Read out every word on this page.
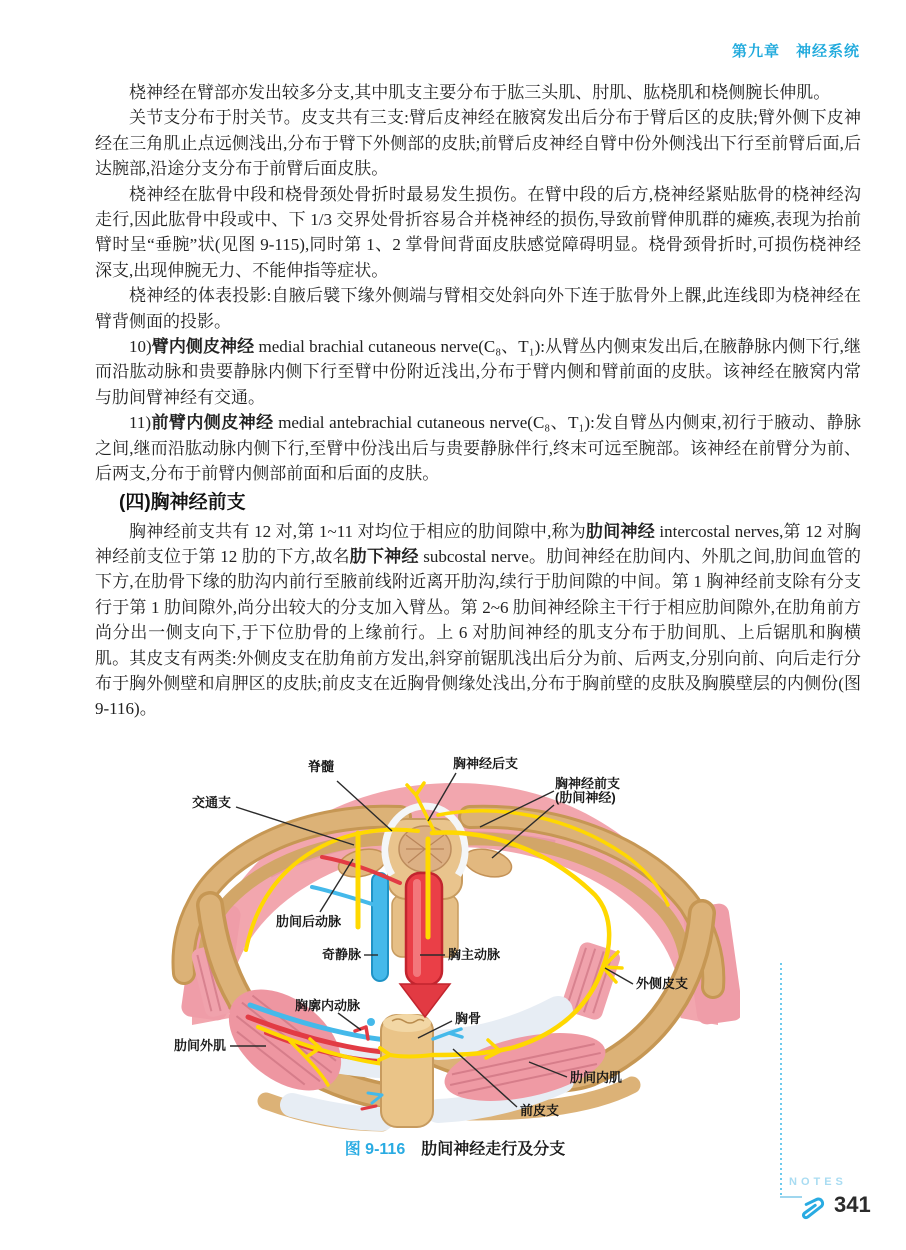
第九章　神经系统

桡神经在臂部亦发出较多分支,其中肌支主要分布于肱三头肌、肘肌、肱桡肌和桡侧腕长伸肌。

关节支分布于肘关节。皮支共有三支:臂后皮神经在腋窝发出后分布于臂后区的皮肤;臂外侧下皮神经在三角肌止点远侧浅出,分布于臂下外侧部的皮肤;前臂后皮神经自臂中份外侧浅出下行至前臂后面,后达腕部,沿途分支分布于前臂后面皮肤。

桡神经在肱骨中段和桡骨颈处骨折时最易发生损伤。在臂中段的后方,桡神经紧贴肱骨的桡神经沟走行,因此肱骨中段或中、下 1/3 交界处骨折容易合并桡神经的损伤,导致前臂伸肌群的瘫痪,表现为抬前臂时呈“垂腕”状(见图 9-115),同时第 1、2 掌骨间背面皮肤感觉障碍明显。桡骨颈骨折时,可损伤桡神经深支,出现伸腕无力、不能伸指等症状。

桡神经的体表投影:自腋后襞下缘外侧端与臂相交处斜向外下连于肱骨外上髁,此连线即为桡神经在臂背侧面的投影。

10)臂内侧皮神经 medial brachial cutaneous nerve(C₈、T₁):从臂丛内侧束发出后,在腋静脉内侧下行,继而沿肱动脉和贵要静脉内侧下行至臂中份附近浅出,分布于臂内侧和臂前面的皮肤。该神经在腋窝内常与肋间臂神经有交通。

11)前臂内侧皮神经 medial antebrachial cutaneous nerve(C₈、T₁):发自臂丛内侧束,初行于腋动、静脉之间,继而沿肱动脉内侧下行,至臂中份浅出后与贵要静脉伴行,终末可远至腕部。该神经在前臂分为前、后两支,分布于前臂内侧部前面和后面的皮肤。

(四)胸神经前支

胸神经前支共有 12 对,第 1~11 对均位于相应的肋间隙中,称为肋间神经 intercostal nerves,第 12 对胸神经前支位于第 12 肋的下方,故名肋下神经 subcostal nerve。肋间神经在肋间内、外肌之间,肋间血管的下方,在肋骨下缘的肋沟内前行至腋前线附近离开肋沟,续行于肋间隙的中间。第 1 胸神经前支除有分支行于第 1 肋间隙外,尚分出较大的分支加入臂丛。第 2~6 肋间神经除主干行于相应肋间隙外,在肋角前方尚分出一侧支向下,于下位肋骨的上缘前行。上 6 对肋间神经的肌支分布于肋间肌、上后锯肌和胸横肌。其皮支有两类:外侧皮支在肋角前方发出,斜穿前锯肌浅出后分为前、后两支,分别向前、向后走行分布于胸外侧壁和肩胛区的皮肤;前皮支在近胸骨侧缘处浅出,分布于胸前壁的皮肤及胸膜壁层的内侧份(图 9-116)。

脊髓	胸神经后支
胸神经前支
(肋间神经)
交通支
肋间后动脉
奇静脉	胸主动脉
外侧皮支
胸廓内动脉
胸骨
肋间外肌
肋间内肌
前皮支
图 9-116 肋间神经走行及分支
NOTES
341
